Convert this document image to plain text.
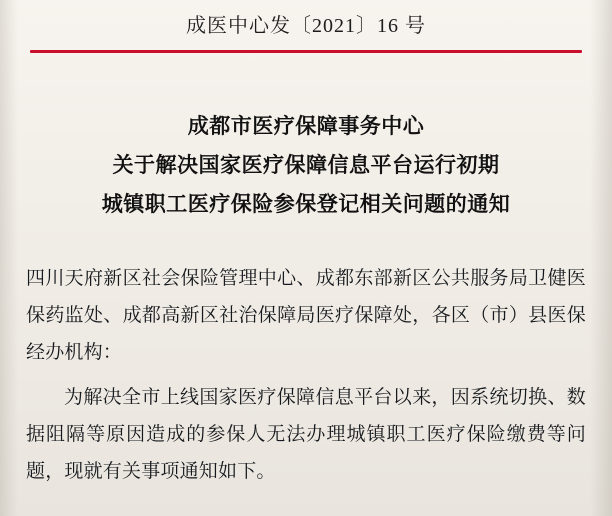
成医中心发〔2021〕16 号
成都市医疗保障事务中心
关于解决国家医疗保障信息平台运行初期
城镇职工医疗保险参保登记相关问题的通知

四川天府新区社会保险管理中心、成都东部新区公共服务局卫健医保药监处、成都高新区社治保障局医疗保障处，各区（市）县医保经办机构：

为解决全市上线国家医疗保障信息平台以来，因系统切换、数据阻隔等原因造成的参保人无法办理城镇职工医疗保险缴费等问题，现就有关事项通知如下。
